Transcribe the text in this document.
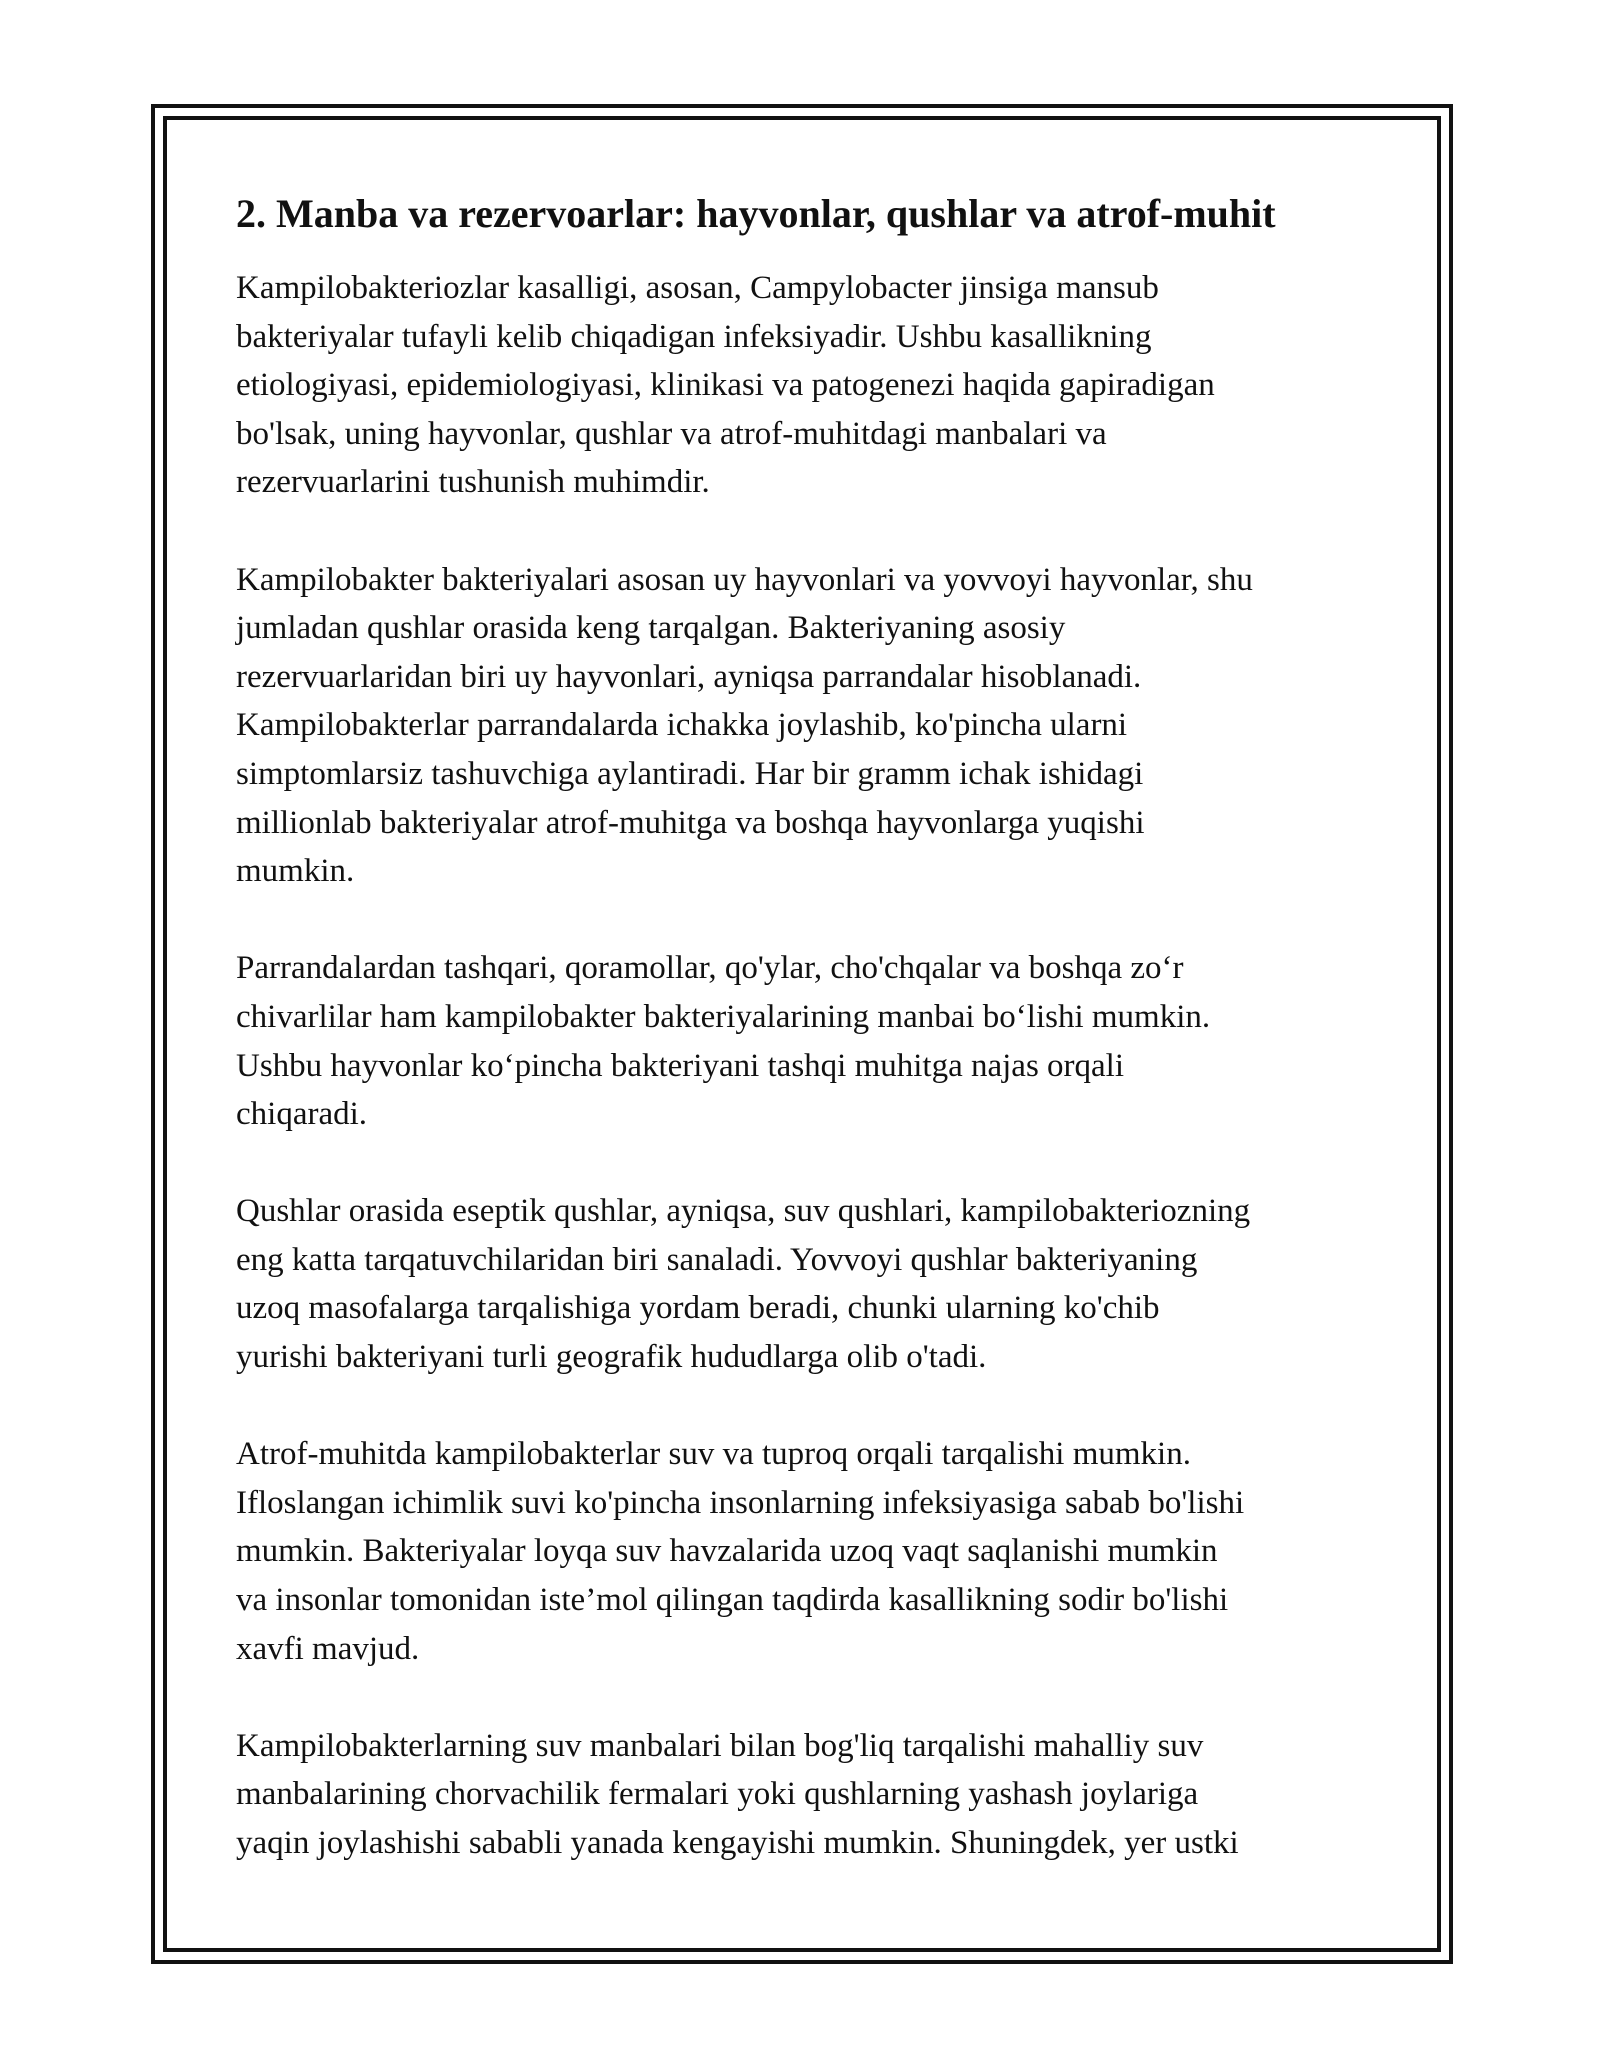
2. Manba va rezervoarlar: hayvonlar, qushlar va atrof-muhit

Kampilobakteriozlar kasalligi, asosan, Campylobacter jinsiga mansub
bakteriyalar tufayli kelib chiqadigan infeksiyadir. Ushbu kasallikning
etiologiyasi, epidemiologiyasi, klinikasi va patogenezi haqida gapiradigan
bo'lsak, uning hayvonlar, qushlar va atrof-muhitdagi manbalari va
rezervuarlarini tushunish muhimdir.

Kampilobakter bakteriyalari asosan uy hayvonlari va yovvoyi hayvonlar, shu
jumladan qushlar orasida keng tarqalgan. Bakteriyaning asosiy
rezervuarlaridan biri uy hayvonlari, ayniqsa parrandalar hisoblanadi.
Kampilobakterlar parrandalarda ichakka joylashib, ko'pincha ularni
simptomlarsiz tashuvchiga aylantiradi. Har bir gramm ichak ishidagi
millionlab bakteriyalar atrof-muhitga va boshqa hayvonlarga yuqishi
mumkin.

Parrandalardan tashqari, qoramollar, qo'ylar, cho'chqalar va boshqa zoʻr
chivarlilar ham kampilobakter bakteriyalarining manbai boʻlishi mumkin.
Ushbu hayvonlar koʻpincha bakteriyani tashqi muhitga najas orqali
chiqaradi.

Qushlar orasida eseptik qushlar, ayniqsa, suv qushlari, kampilobakteriozning
eng katta tarqatuvchilaridan biri sanaladi. Yovvoyi qushlar bakteriyaning
uzoq masofalarga tarqalishiga yordam beradi, chunki ularning ko'chib
yurishi bakteriyani turli geografik hududlarga olib o'tadi.

Atrof-muhitda kampilobakterlar suv va tuproq orqali tarqalishi mumkin.
Ifloslangan ichimlik suvi ko'pincha insonlarning infeksiyasiga sabab bo'lishi
mumkin. Bakteriyalar loyqa suv havzalarida uzoq vaqt saqlanishi mumkin
va insonlar tomonidan iste’mol qilingan taqdirda kasallikning sodir bo'lishi
xavfi mavjud.

Kampilobakterlarning suv manbalari bilan bog'liq tarqalishi mahalliy suv
manbalarining chorvachilik fermalari yoki qushlarning yashash joylariga
yaqin joylashishi sababli yanada kengayishi mumkin. Shuningdek, yer ustki
